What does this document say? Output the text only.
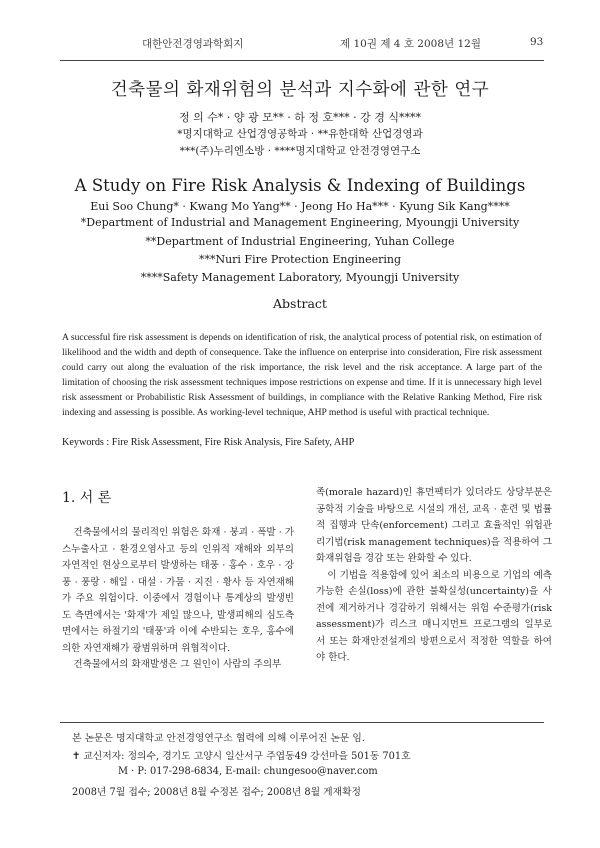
대한안전경영과학회지	제 10권 제 4 호 2008년 12월	93
건축물의 화재위험의 분석과 지수화에 관한 연구
정 의 수* · 양 광 모** · 하 정 호*** · 강 경 식****
*명지대학교 산업경영공학과 · **유한대학 산업경영과
***(주)누리엔소방 · ****명지대학교 안전경영연구소
A Study on Fire Risk Analysis & Indexing of Buildings
Eui Soo Chung* · Kwang Mo Yang** · Jeong Ho Ha*** · Kyung Sik Kang****
*Department of Industrial and Management Engineering, Myoungji University
**Department of Industrial Engineering, Yuhan College
***Nuri Fire Protection Engineering
****Safety Management Laboratory, Myoungji University
Abstract
A successful fire risk assessment is depends on identification of risk, the analytical process of potential risk, on estimation of likelihood and the width and depth of consequence. Take the influence on enterprise into consideration, Fire risk assessment could carry out along the evaluation of the risk importance, the risk level and the risk acceptance. A large part of the limitation of choosing the risk assessment techniques impose restrictions on expense and time. If it is unnecessary high level risk assessment or Probabilistic Risk Assessment of buildings, in compliance with the Relative Ranking Method, Fire risk indexing and assessing is possible. As working-level technique, AHP method is useful with practical technique.
Keywords : Fire Risk Assessment, Fire Risk Analysis, Fire Safety, AHP
1. 서 론

건축물에서의 물리적인 위험은 화재 · 붕괴 · 폭발 · 가스누출사고 · 환경오염사고 등의 인위적 재해와 외부의 자연적인 현상으로부터 발생하는 태풍 · 홍수 · 호우 · 강풍 · 풍랑 · 해일 · 대설 · 가뭄 · 지진 · 황사 등 자연재해가 주요 위험이다. 이중에서 경험이나 통계상의 발생빈도 측면에서는 '화재'가 제일 많으나, 발생피해의 심도측면에서는 하절기의 '태풍'과 이에 수반되는 호우, 홍수에 의한 자연재해가 광범위하며 위협적이다.

건축물에서의 화재발생은 그 원인이 사람의 주의부

족(morale hazard)인 휴먼팩터가 있더라도 상당부분은 공학적 기술을 바탕으로 시설의 개선, 교육 · 훈련 및 법률적 집행과 단속(enforcement) 그리고 효율적인 위험관리기법(risk management techniques)을 적용하여 그 화재위험을 경감 또는 완화할 수 있다.

이 기법을 적용함에 있어 최소의 비용으로 기업의 예측가능한 손실(loss)에 관한 불확실성(uncertainty)을 사전에 제거하거나 경감하기 위해서는 위험 수준평가(risk assessment)가 리스크 매니지먼트 프로그램의 일부로서 또는 화재안전설계의 방편으로서 적정한 역할을 하여야 한다.

본 논문은 명지대학교 안전경영연구소 협력에 의해 이루어진 논문 임.
✝ 교신저자: 정의수, 경기도 고양시 일산서구 주엽동49 강선마을 501동 701호
M · P: 017-298-6834, E-mail: chungesoo@naver.com
2008년 7월 접수; 2008년 8월 수정본 접수; 2008년 8월 게재확정
